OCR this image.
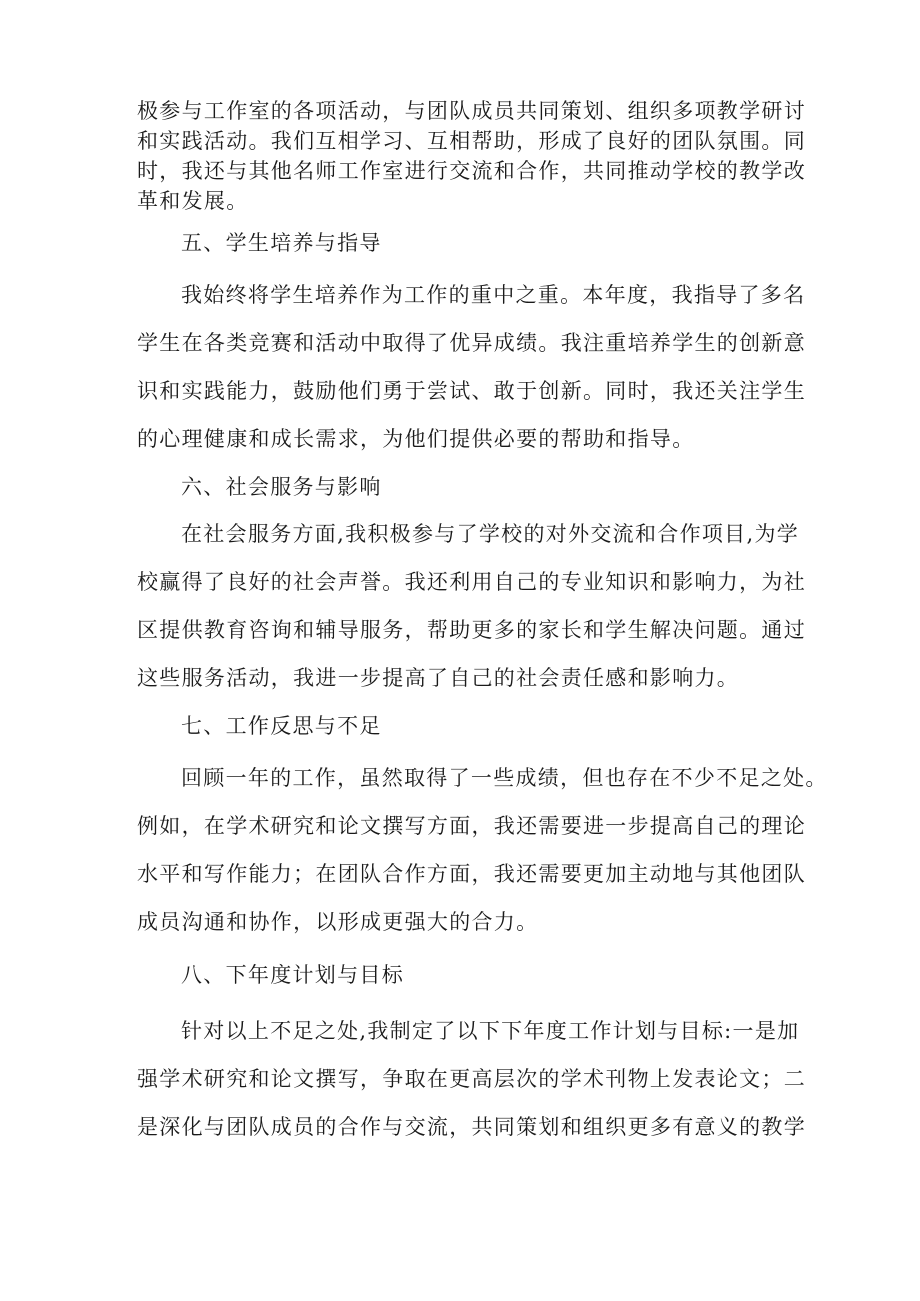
极参与工作室的各项活动，与团队成员共同策划、组织多项教学研讨
和实践活动。我们互相学习、互相帮助，形成了良好的团队氛围。同
时，我还与其他名师工作室进行交流和合作，共同推动学校的教学改
革和发展。
五、学生培养与指导
我始终将学生培养作为工作的重中之重。本年度，我指导了多名
学生在各类竞赛和活动中取得了优异成绩。我注重培养学生的创新意
识和实践能力，鼓励他们勇于尝试、敢于创新。同时，我还关注学生
的心理健康和成长需求，为他们提供必要的帮助和指导。
六、社会服务与影响
在社会服务方面,我积极参与了学校的对外交流和合作项目,为学
校赢得了良好的社会声誉。我还利用自己的专业知识和影响力，为社
区提供教育咨询和辅导服务，帮助更多的家长和学生解决问题。通过
这些服务活动，我进一步提高了自己的社会责任感和影响力。
七、工作反思与不足
回顾一年的工作，虽然取得了一些成绩，但也存在不少不足之处。
例如，在学术研究和论文撰写方面，我还需要进一步提高自己的理论
水平和写作能力；在团队合作方面，我还需要更加主动地与其他团队
成员沟通和协作，以形成更强大的合力。
八、下年度计划与目标
针对以上不足之处,我制定了以下下年度工作计划与目标:一是加
强学术研究和论文撰写，争取在更高层次的学术刊物上发表论文；二
是深化与团队成员的合作与交流，共同策划和组织更多有意义的教学
